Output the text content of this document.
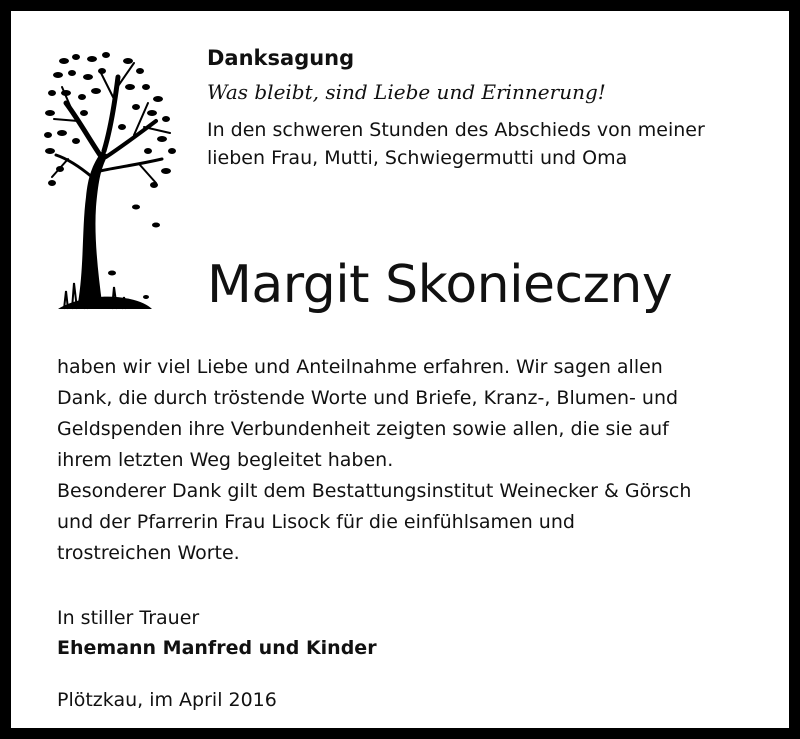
Danksagung

Was bleibt, sind Liebe und Erinnerung!

In den schweren Stunden des Abschieds von meiner
lieben Frau, Mutti, Schwiegermutti und Oma

Margit Skonieczny

haben wir viel Liebe und Anteilnahme erfahren. Wir sagen allen

Dank, die durch tröstende Worte und Briefe, Kranz-, Blumen- und

Geldspenden ihre Verbundenheit zeigten sowie allen, die sie auf

ihrem letzten Weg begleitet haben.

Besonderer Dank gilt dem Bestattungsinstitut Weinecker & Görsch

und der Pfarrerin Frau Lisock für die einfühlsamen und

trostreichen Worte.

In stiller Trauer

Ehemann Manfred und Kinder

Plötzkau, im April 2016
